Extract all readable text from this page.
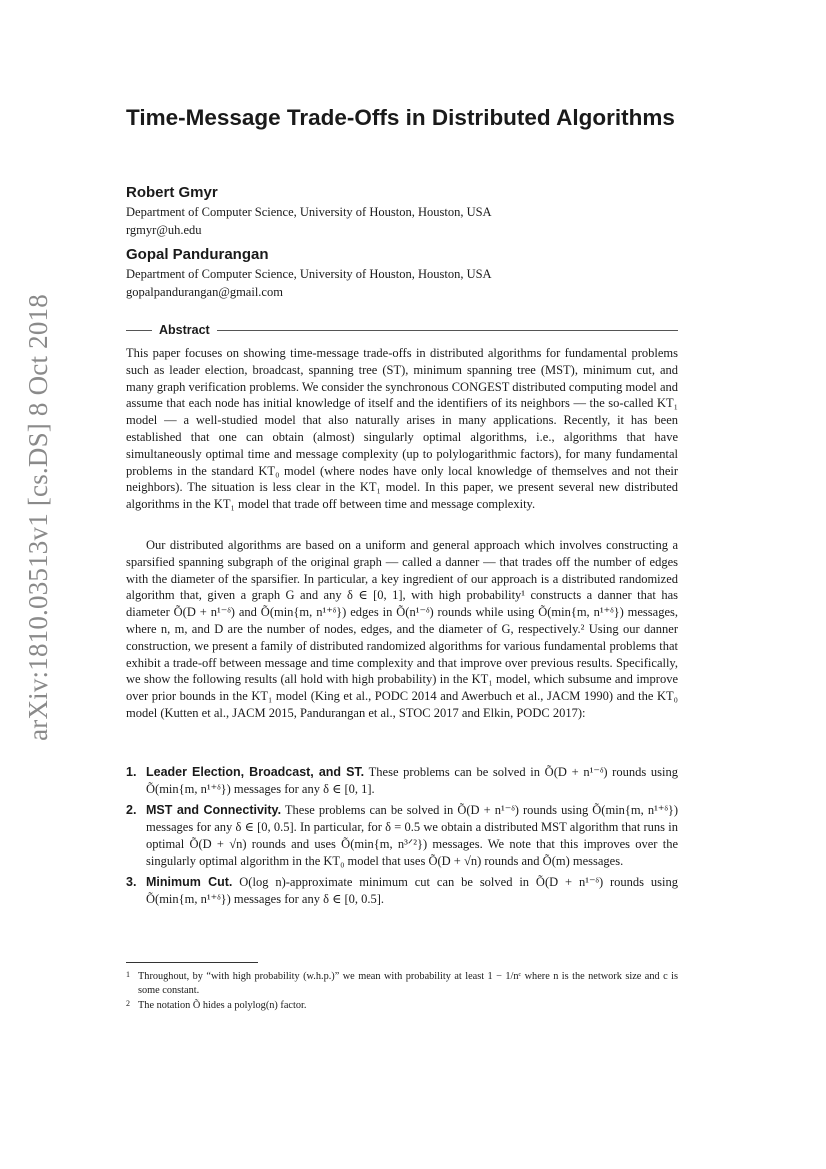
arXiv:1810.03513v1 [cs.DS] 8 Oct 2018
Time-Message Trade-Offs in Distributed Algorithms

Robert Gmyr

Department of Computer Science, University of Houston, Houston, USA

rgmyr@uh.edu

Gopal Pandurangan

Department of Computer Science, University of Houston, Houston, USA

gopalpandurangan@gmail.com

Abstract

This paper focuses on showing time-message trade-offs in distributed algorithms for fundamental problems such as leader election, broadcast, spanning tree (ST), minimum spanning tree (MST), minimum cut, and many graph verification problems. We consider the synchronous CONGEST distributed computing model and assume that each node has initial knowledge of itself and the identifiers of its neighbors — the so-called KT₁ model — a well-studied model that also naturally arises in many applications. Recently, it has been established that one can obtain (almost) singularly optimal algorithms, i.e., algorithms that have simultaneously optimal time and message complexity (up to polylogarithmic factors), for many fundamental problems in the standard KT₀ model (where nodes have only local knowledge of themselves and not their neighbors). The situation is less clear in the KT₁ model. In this paper, we present several new distributed algorithms in the KT₁ model that trade off between time and message complexity.

Our distributed algorithms are based on a uniform and general approach which involves constructing a sparsified spanning subgraph of the original graph — called a danner — that trades off the number of edges with the diameter of the sparsifier. In particular, a key ingredient of our approach is a distributed randomized algorithm that, given a graph G and any δ ∈ [0, 1], with high probability¹ constructs a danner that has diameter Õ(D + n¹⁻ᵟ) and Õ(min{m, n¹⁺ᵟ}) edges in Õ(n¹⁻ᵟ) rounds while using Õ(min{m, n¹⁺ᵟ}) messages, where n, m, and D are the number of nodes, edges, and the diameter of G, respectively.² Using our danner construction, we present a family of distributed randomized algorithms for various fundamental problems that exhibit a trade-off between message and time complexity and that improve over previous results. Specifically, we show the following results (all hold with high probability) in the KT₁ model, which subsume and improve over prior bounds in the KT₁ model (King et al., PODC 2014 and Awerbuch et al., JACM 1990) and the KT₀ model (Kutten et al., JACM 2015, Pandurangan et al., STOC 2017 and Elkin, PODC 2017):

1. Leader Election, Broadcast, and ST. These problems can be solved in Õ(D + n¹⁻ᵟ) rounds using Õ(min{m, n¹⁺ᵟ}) messages for any δ ∈ [0, 1].
2. MST and Connectivity. These problems can be solved in Õ(D + n¹⁻ᵟ) rounds using Õ(min{m, n¹⁺ᵟ}) messages for any δ ∈ [0, 0.5]. In particular, for δ = 0.5 we obtain a distributed MST algorithm that runs in optimal Õ(D + √n) rounds and uses Õ(min{m, n³ᐟ²}) messages. We note that this improves over the singularly optimal algorithm in the KT₀ model that uses Õ(D + √n) rounds and Õ(m) messages.
3. Minimum Cut. O(log n)-approximate minimum cut can be solved in Õ(D + n¹⁻ᵟ) rounds using Õ(min{m, n¹⁺ᵟ}) messages for any δ ∈ [0, 0.5].
1 Throughout, by “with high probability (w.h.p.)” we mean with probability at least 1 − 1/nᶜ where n is the network size and c is some constant.
2 The notation Õ hides a polylog(n) factor.
